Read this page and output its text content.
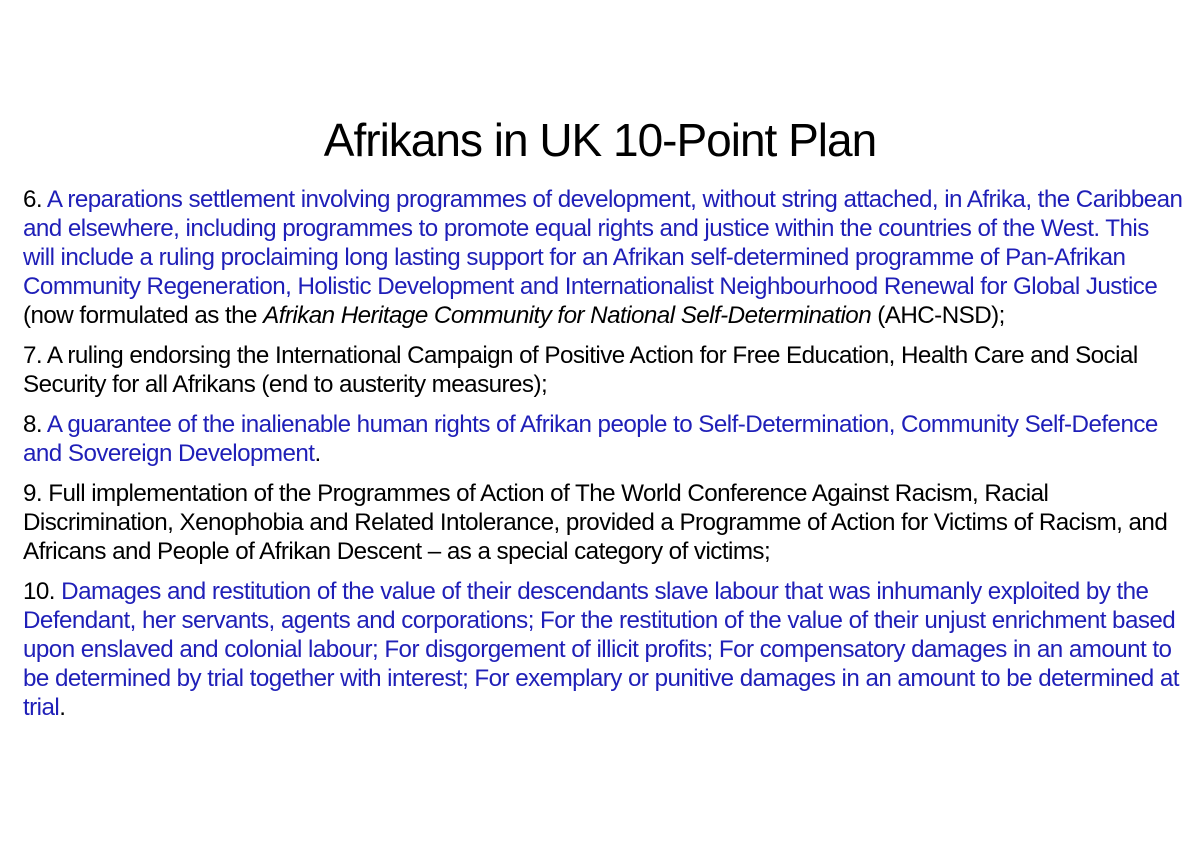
Afrikans in UK 10-Point Plan
6. A reparations settlement involving programmes of development, without string attached, in Afrika, the Caribbean and elsewhere, including programmes to promote equal rights and justice within the countries of the West. This will include a ruling proclaiming long lasting support for an Afrikan self-determined programme of Pan-Afrikan Community Regeneration, Holistic Development and Internationalist Neighbourhood Renewal for Global Justice (now formulated as the Afrikan Heritage Community for National Self-Determination (AHC-NSD);
7. A ruling endorsing the International Campaign of Positive Action for Free Education, Health Care and Social Security for all Afrikans (end to austerity measures);
8. A guarantee of the inalienable human rights of Afrikan people to Self-Determination, Community Self-Defence and Sovereign Development.
9. Full implementation of the Programmes of Action of The World Conference Against Racism, Racial Discrimination, Xenophobia and Related Intolerance, provided a Programme of Action for Victims of Racism, and Africans and People of Afrikan Descent – as a special category of victims;
10. Damages and restitution of the value of their descendants slave labour that was inhumanly exploited by the Defendant, her servants, agents and corporations; For the restitution of the value of their unjust enrichment based upon enslaved and colonial labour; For disgorgement of illicit profits; For compensatory damages in an amount to be determined by trial together with interest; For exemplary or punitive damages in an amount to be determined at trial.
